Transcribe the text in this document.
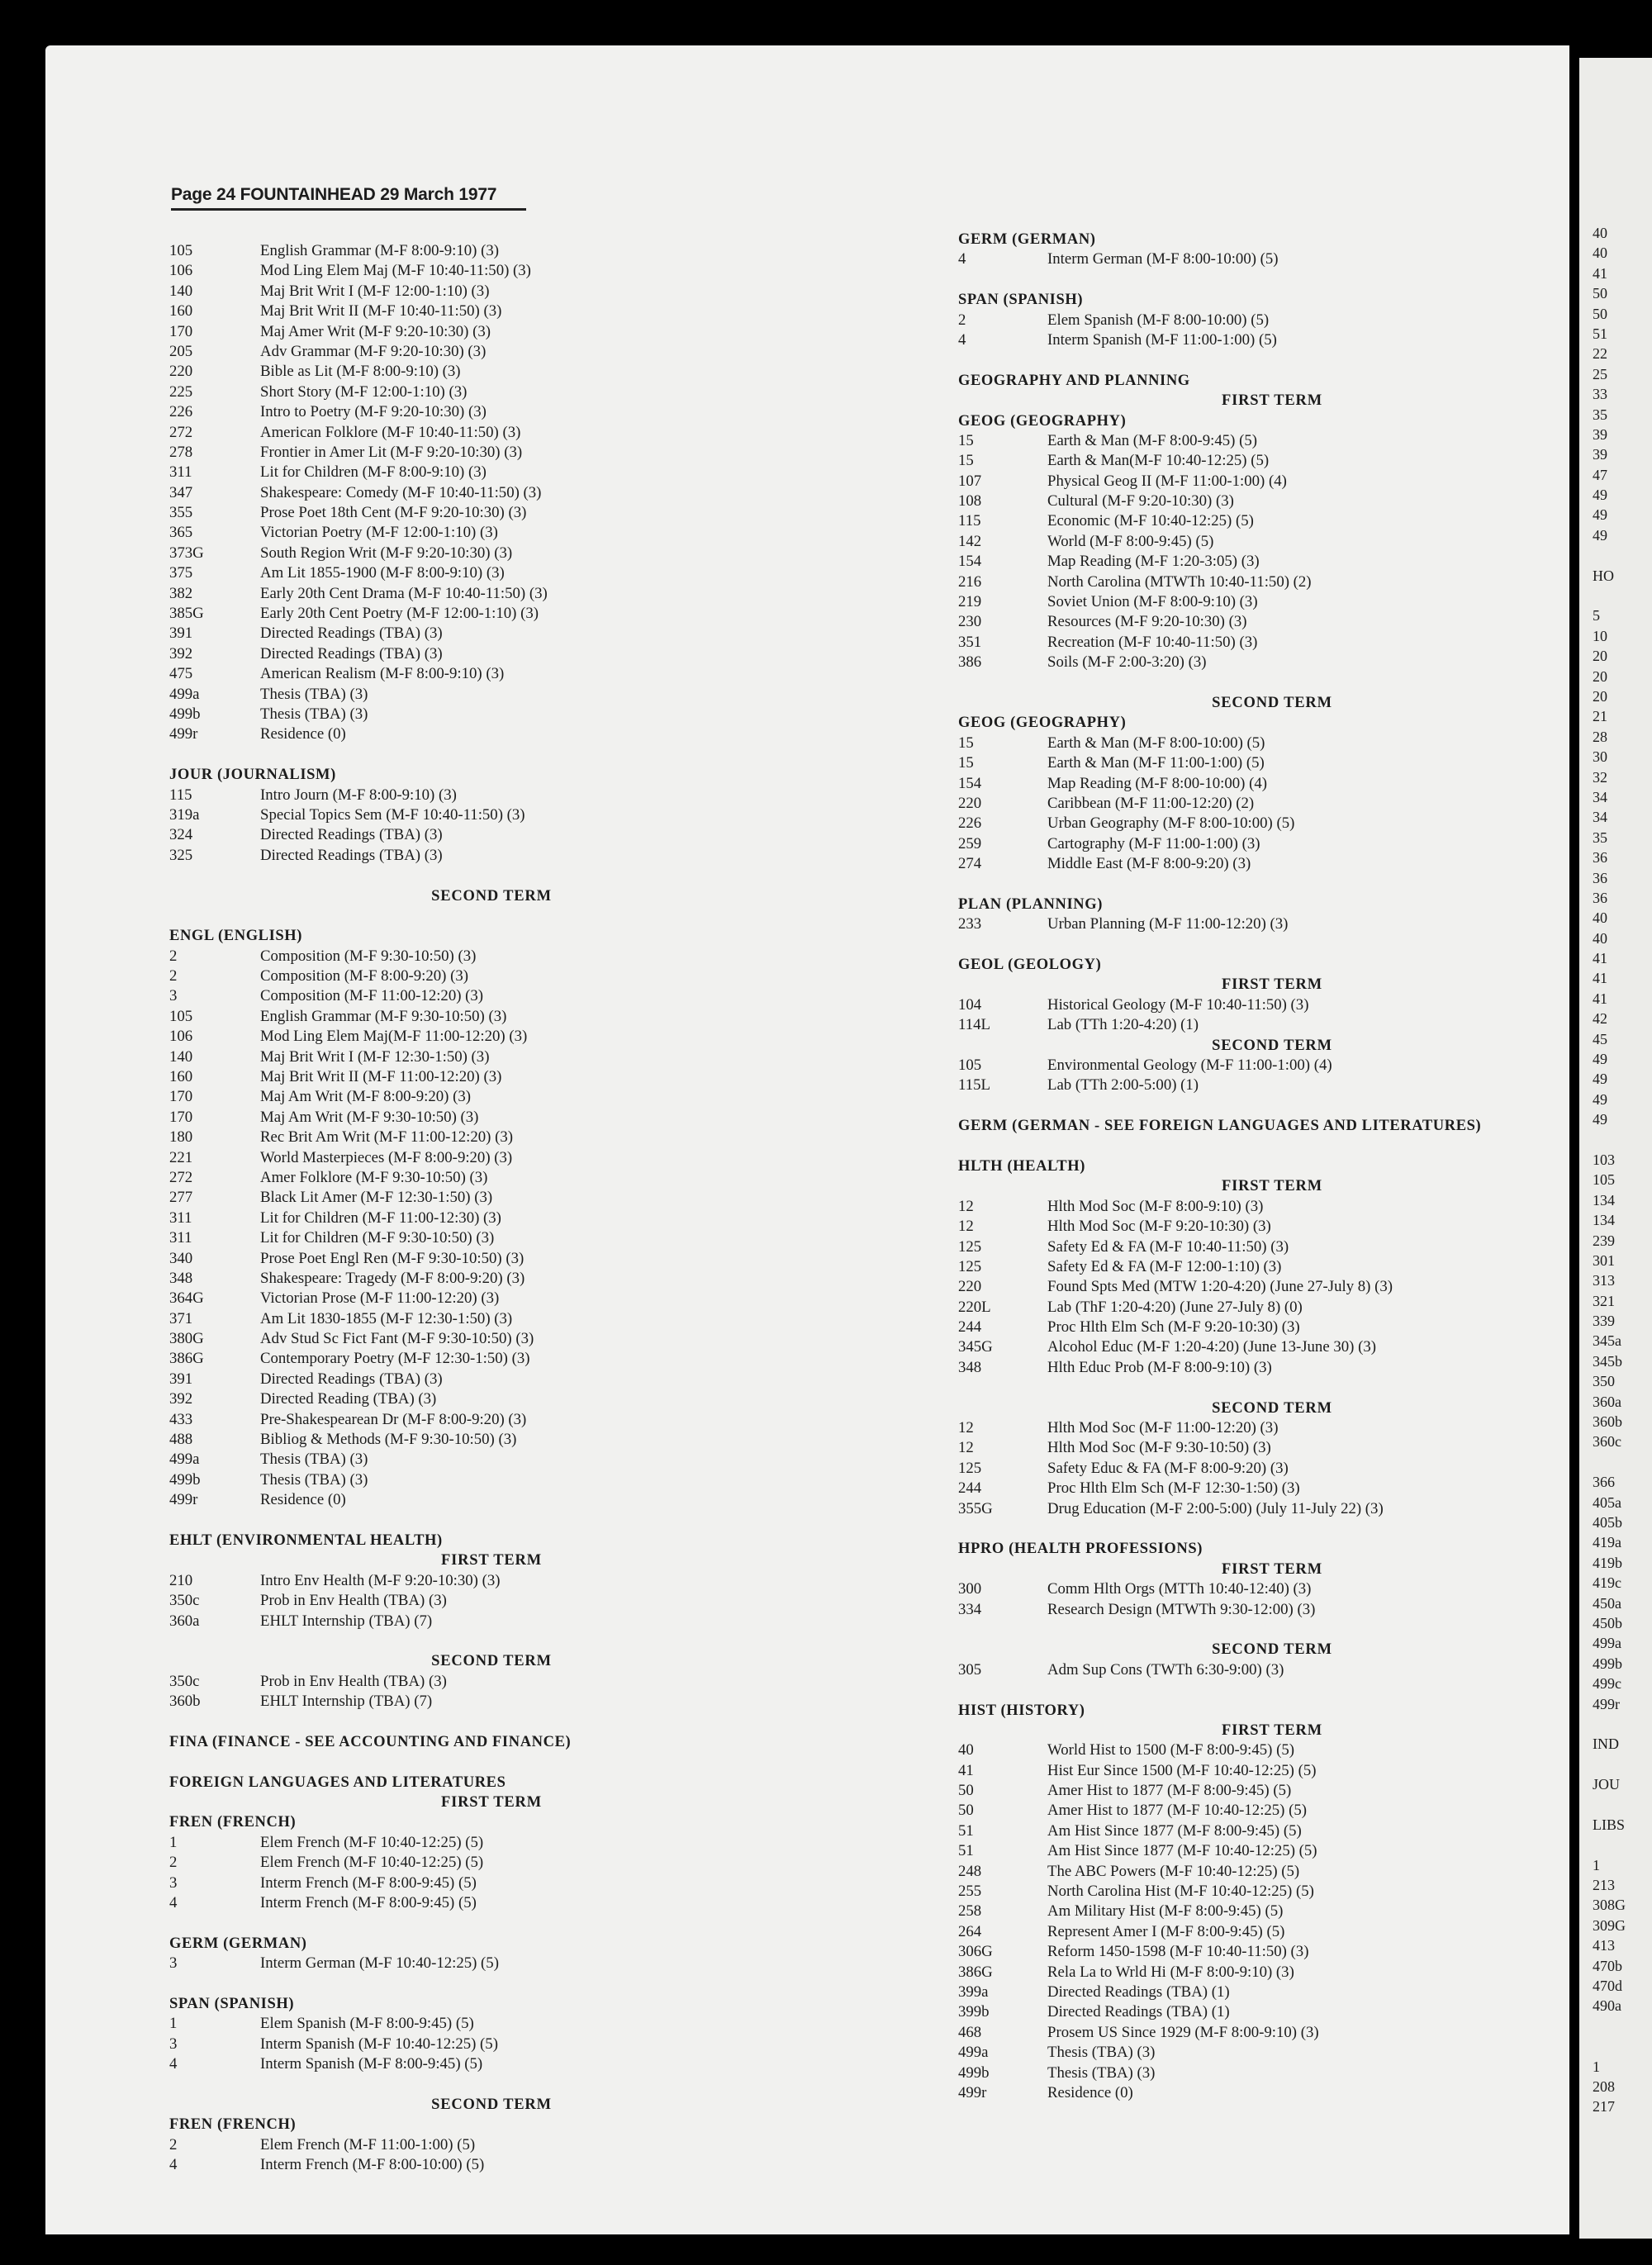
Page 24 FOUNTAINHEAD 29 March 1977
105	English Grammar (M-F 8:00-9:10) (3)
106	Mod Ling Elem Maj (M-F 10:40-11:50) (3)
140	Maj Brit Writ I (M-F 12:00-1:10) (3)
160	Maj Brit Writ II (M-F 10:40-11:50) (3)
170	Maj Amer Writ (M-F 9:20-10:30) (3)
205	Adv Grammar (M-F 9:20-10:30) (3)
220	Bible as Lit (M-F 8:00-9:10) (3)
225	Short Story (M-F 12:00-1:10) (3)
226	Intro to Poetry (M-F 9:20-10:30) (3)
272	American Folklore (M-F 10:40-11:50) (3)
278	Frontier in Amer Lit (M-F 9:20-10:30) (3)
311	Lit for Children (M-F 8:00-9:10) (3)
347	Shakespeare: Comedy (M-F 10:40-11:50) (3)
355	Prose Poet 18th Cent (M-F 9:20-10:30) (3)
365	Victorian Poetry (M-F 12:00-1:10) (3)
373G	South Region Writ (M-F 9:20-10:30) (3)
375	Am Lit 1855-1900 (M-F 8:00-9:10) (3)
382	Early 20th Cent Drama (M-F 10:40-11:50) (3)
385G	Early 20th Cent Poetry (M-F 12:00-1:10) (3)
391	Directed Readings (TBA) (3)
392	Directed Readings (TBA) (3)
475	American Realism (M-F 8:00-9:10) (3)
499a	Thesis (TBA) (3)
499b	Thesis (TBA) (3)
499r	Residence (0)
JOUR (JOURNALISM)
115	Intro Journ (M-F 8:00-9:10) (3)
319a	Special Topics Sem (M-F 10:40-11:50) (3)
324	Directed Readings (TBA) (3)
325	Directed Readings (TBA) (3)
SECOND TERM
ENGL (ENGLISH)
2	Composition (M-F 9:30-10:50) (3)
2	Composition (M-F 8:00-9:20) (3)
3	Composition (M-F 11:00-12:20) (3)
105	English Grammar (M-F 9:30-10:50) (3)
106	Mod Ling Elem Maj(M-F 11:00-12:20) (3)
140	Maj Brit Writ I (M-F 12:30-1:50) (3)
160	Maj Brit Writ II (M-F 11:00-12:20) (3)
170	Maj Am Writ (M-F 8:00-9:20) (3)
170	Maj Am Writ (M-F 9:30-10:50) (3)
180	Rec Brit Am Writ (M-F 11:00-12:20) (3)
221	World Masterpieces (M-F 8:00-9:20) (3)
272	Amer Folklore (M-F 9:30-10:50) (3)
277	Black Lit Amer (M-F 12:30-1:50) (3)
311	Lit for Children (M-F 11:00-12:30) (3)
311	Lit for Children (M-F 9:30-10:50) (3)
340	Prose Poet Engl Ren (M-F 9:30-10:50) (3)
348	Shakespeare: Tragedy (M-F 8:00-9:20) (3)
364G	Victorian Prose (M-F 11:00-12:20) (3)
371	Am Lit 1830-1855 (M-F 12:30-1:50) (3)
380G	Adv Stud Sc Fict Fant (M-F 9:30-10:50) (3)
386G	Contemporary Poetry (M-F 12:30-1:50) (3)
391	Directed Readings (TBA) (3)
392	Directed Reading (TBA) (3)
433	Pre-Shakespearean Dr (M-F 8:00-9:20) (3)
488	Bibliog & Methods (M-F 9:30-10:50) (3)
499a	Thesis (TBA) (3)
499b	Thesis (TBA) (3)
499r	Residence (0)
EHLT (ENVIRONMENTAL HEALTH)
FIRST TERM
210	Intro Env Health (M-F 9:20-10:30) (3)
350c	Prob in Env Health (TBA) (3)
360a	EHLT Internship (TBA) (7)
SECOND TERM
350c	Prob in Env Health (TBA) (3)
360b	EHLT Internship (TBA) (7)
FINA (FINANCE - SEE ACCOUNTING AND FINANCE)
FOREIGN LANGUAGES AND LITERATURES
FIRST TERM
FREN (FRENCH)
1	Elem French (M-F 10:40-12:25) (5)
2	Elem French (M-F 10:40-12:25) (5)
3	Interm French (M-F 8:00-9:45) (5)
4	Interm French (M-F 8:00-9:45) (5)
GERM (GERMAN)
3	Interm German (M-F 10:40-12:25) (5)
SPAN (SPANISH)
1	Elem Spanish (M-F 8:00-9:45) (5)
3	Interm Spanish (M-F 10:40-12:25) (5)
4	Interm Spanish (M-F 8:00-9:45) (5)
SECOND TERM
FREN (FRENCH)
2	Elem French (M-F 11:00-1:00) (5)
4	Interm French (M-F 8:00-10:00) (5)
GERM (GERMAN)
4	Interm German (M-F 8:00-10:00) (5)
SPAN (SPANISH)
2	Elem Spanish (M-F 8:00-10:00) (5)
4	Interm Spanish (M-F 11:00-1:00) (5)
GEOGRAPHY AND PLANNING
FIRST TERM
GEOG (GEOGRAPHY)
15	Earth & Man (M-F 8:00-9:45) (5)
15	Earth & Man(M-F 10:40-12:25) (5)
107	Physical Geog II (M-F 11:00-1:00) (4)
108	Cultural (M-F 9:20-10:30) (3)
115	Economic (M-F 10:40-12:25) (5)
142	World (M-F 8:00-9:45) (5)
154	Map Reading (M-F 1:20-3:05) (3)
216	North Carolina (MTWTh 10:40-11:50) (2)
219	Soviet Union (M-F 8:00-9:10) (3)
230	Resources (M-F 9:20-10:30) (3)
351	Recreation (M-F 10:40-11:50) (3)
386	Soils (M-F 2:00-3:20) (3)
SECOND TERM
GEOG (GEOGRAPHY)
15	Earth & Man (M-F 8:00-10:00) (5)
15	Earth & Man (M-F 11:00-1:00) (5)
154	Map Reading (M-F 8:00-10:00) (4)
220	Caribbean (M-F 11:00-12:20) (2)
226	Urban Geography (M-F 8:00-10:00) (5)
259	Cartography (M-F 11:00-1:00) (3)
274	Middle East (M-F 8:00-9:20) (3)
PLAN (PLANNING)
233	Urban Planning (M-F 11:00-12:20) (3)
GEOL (GEOLOGY)
FIRST TERM
104	Historical Geology (M-F 10:40-11:50) (3)
114L	Lab (TTh 1:20-4:20) (1)
SECOND TERM
105	Environmental Geology (M-F 11:00-1:00) (4)
115L	Lab (TTh 2:00-5:00) (1)
GERM (GERMAN - SEE FOREIGN LANGUAGES AND LITERATURES)
HLTH (HEALTH)
FIRST TERM
12	Hlth Mod Soc (M-F 8:00-9:10) (3)
12	Hlth Mod Soc (M-F 9:20-10:30) (3)
125	Safety Ed & FA (M-F 10:40-11:50) (3)
125	Safety Ed & FA (M-F 12:00-1:10) (3)
220	Found Spts Med (MTW 1:20-4:20) (June 27-July 8) (3)
220L	Lab (ThF 1:20-4:20) (June 27-July 8) (0)
244	Proc Hlth Elm Sch (M-F 9:20-10:30) (3)
345G	Alcohol Educ (M-F 1:20-4:20) (June 13-June 30) (3)
348	Hlth Educ Prob (M-F 8:00-9:10) (3)
SECOND TERM
12	Hlth Mod Soc (M-F 11:00-12:20) (3)
12	Hlth Mod Soc (M-F 9:30-10:50) (3)
125	Safety Educ & FA (M-F 8:00-9:20) (3)
244	Proc Hlth Elm Sch (M-F 12:30-1:50) (3)
355G	Drug Education (M-F 2:00-5:00) (July 11-July 22) (3)
HPRO (HEALTH PROFESSIONS)
FIRST TERM
300	Comm Hlth Orgs (MTTh 10:40-12:40) (3)
334	Research Design (MTWTh 9:30-12:00) (3)
SECOND TERM
305	Adm Sup Cons (TWTh 6:30-9:00) (3)
HIST (HISTORY)
FIRST TERM
40	World Hist to 1500 (M-F 8:00-9:45) (5)
41	Hist Eur Since 1500 (M-F 10:40-12:25) (5)
50	Amer Hist to 1877 (M-F 8:00-9:45) (5)
50	Amer Hist to 1877 (M-F 10:40-12:25) (5)
51	Am Hist Since 1877 (M-F 8:00-9:45) (5)
51	Am Hist Since 1877 (M-F 10:40-12:25) (5)
248	The ABC Powers (M-F 10:40-12:25) (5)
255	North Carolina Hist (M-F 10:40-12:25) (5)
258	Am Military Hist (M-F 8:00-9:45) (5)
264	Represent Amer I (M-F 8:00-9:45) (5)
306G	Reform 1450-1598 (M-F 10:40-11:50) (3)
386G	Rela La to Wrld Hi (M-F 8:00-9:10) (3)
399a	Directed Readings (TBA) (1)
399b	Directed Readings (TBA) (1)
468	Prosem US Since 1929 (M-F 8:00-9:10) (3)
499a	Thesis (TBA) (3)
499b	Thesis (TBA) (3)
499r	Residence (0)
40
40
41
50
50
51
22
25
33
35
39
39
47
49
49
49
HO
5
10
20
20
20
21
28
30
32
34
34
35
36
36
36
40
40
41
41
41
42
45
49
49
49
49
103
105
134
134
239
301
313
321
339
345a
345b
350
360a
360b
360c
366
405a
405b
419a
419b
419c
450a
450b
499a
499b
499c
499r
IND
JOU
LIBS
1
213
308G
309G
413
470b
470d
490a
1
208
217
